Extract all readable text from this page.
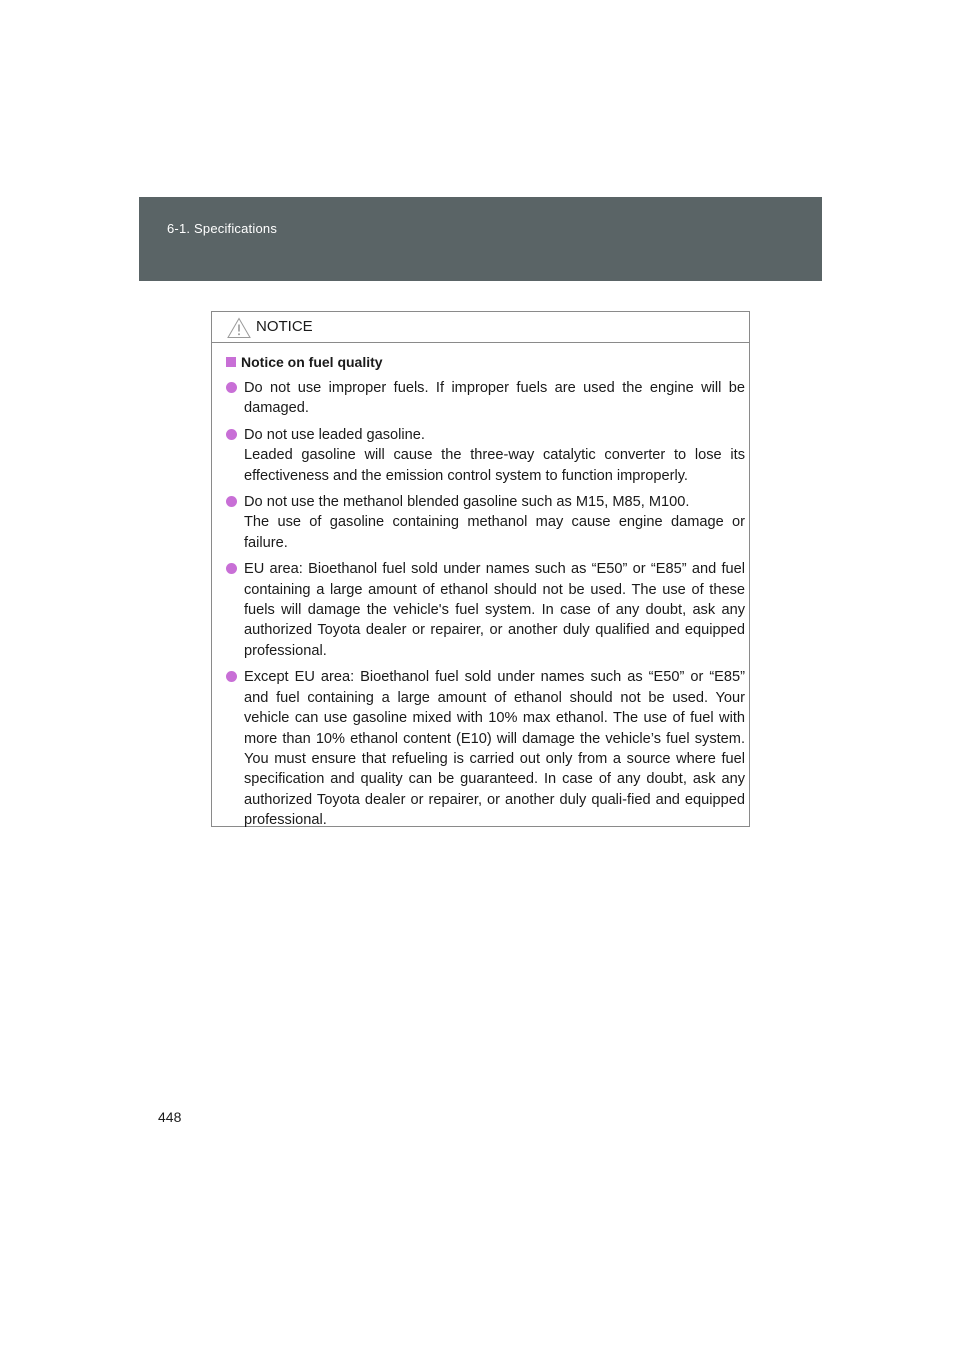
6-1. Specifications
NOTICE
Notice on fuel quality

Do not use improper fuels. If improper fuels are used the engine will be damaged.

Do not use leaded gasoline.

Leaded gasoline will cause the three-way catalytic converter to lose its effectiveness and the emission control system to function improperly.

Do not use the methanol blended gasoline such as M15, M85, M100.

The use of gasoline containing methanol may cause engine damage or failure.

EU area: Bioethanol fuel sold under names such as “E50” or “E85” and fuel containing a large amount of ethanol should not be used. The use of these fuels will damage the vehicle's fuel system. In case of any doubt, ask any authorized Toyota dealer or repairer, or another duly qualified and equipped professional.

Except EU area: Bioethanol fuel sold under names such as “E50” or “E85” and fuel containing a large amount of ethanol should not be used. Your vehicle can use gasoline mixed with 10% max ethanol. The use of fuel with more than 10% ethanol content (E10) will damage the vehicle’s fuel system. You must ensure that refueling is carried out only from a source where fuel specification and quality can be guaranteed. In case of any doubt, ask any authorized Toyota dealer or repairer, or another duly quali-fied and equipped professional.

448
